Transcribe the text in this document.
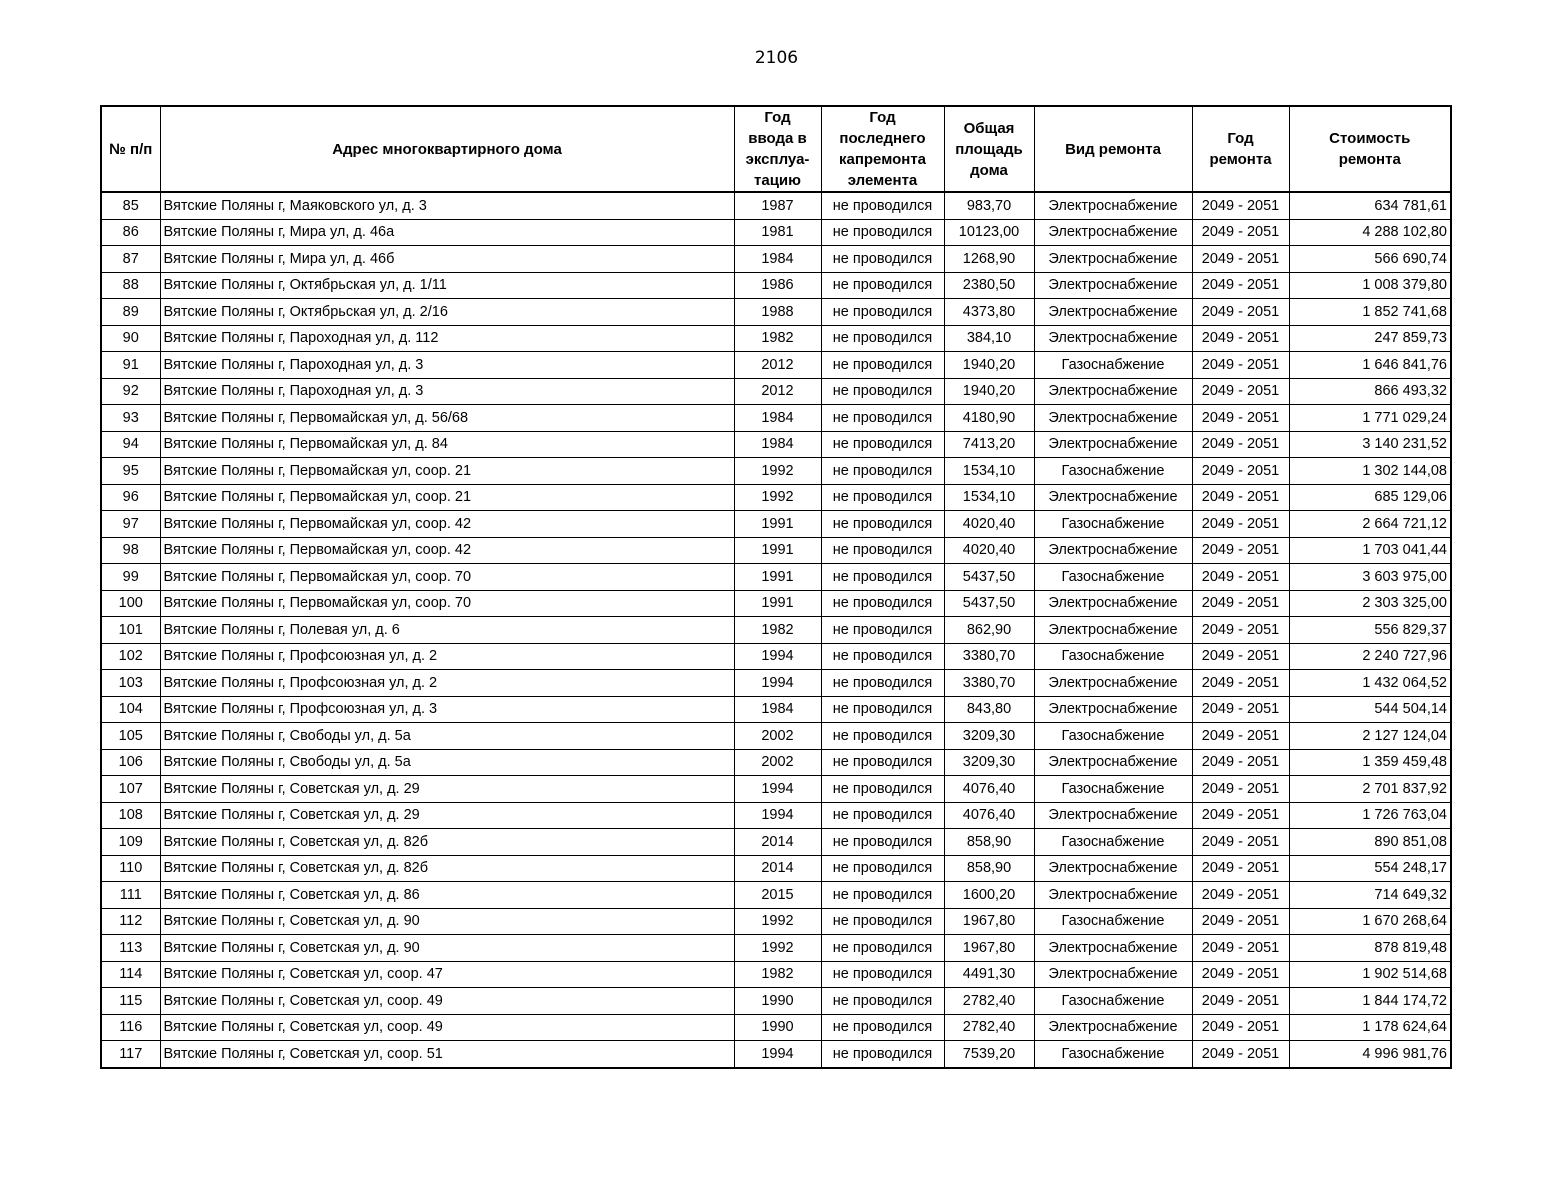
2106
№ п/п	Адрес многоквартирного дома	Год
ввода в
эксплуа-
тацию	Год
последнего
капремонта
элемента	Общая
площадь
дома	Вид ремонта	Год
ремонта	Стоимость
ремонта
85	Вятские Поляны г, Маяковского ул, д. 3	1987	не проводился	983,70	Электроснабжение	2049 - 2051	634 781,61
86	Вятские Поляны г, Мира ул, д. 46а	1981	не проводился	10123,00	Электроснабжение	2049 - 2051	4 288 102,80
87	Вятские Поляны г, Мира ул, д. 46б	1984	не проводился	1268,90	Электроснабжение	2049 - 2051	566 690,74
88	Вятские Поляны г, Октябрьская ул, д. 1/11	1986	не проводился	2380,50	Электроснабжение	2049 - 2051	1 008 379,80
89	Вятские Поляны г, Октябрьская ул, д. 2/16	1988	не проводился	4373,80	Электроснабжение	2049 - 2051	1 852 741,68
90	Вятские Поляны г, Пароходная ул, д. 112	1982	не проводился	384,10	Электроснабжение	2049 - 2051	247 859,73
91	Вятские Поляны г, Пароходная ул, д. 3	2012	не проводился	1940,20	Газоснабжение	2049 - 2051	1 646 841,76
92	Вятские Поляны г, Пароходная ул, д. 3	2012	не проводился	1940,20	Электроснабжение	2049 - 2051	866 493,32
93	Вятские Поляны г, Первомайская ул, д. 56/68	1984	не проводился	4180,90	Электроснабжение	2049 - 2051	1 771 029,24
94	Вятские Поляны г, Первомайская ул, д. 84	1984	не проводился	7413,20	Электроснабжение	2049 - 2051	3 140 231,52
95	Вятские Поляны г, Первомайская ул, соор. 21	1992	не проводился	1534,10	Газоснабжение	2049 - 2051	1 302 144,08
96	Вятские Поляны г, Первомайская ул, соор. 21	1992	не проводился	1534,10	Электроснабжение	2049 - 2051	685 129,06
97	Вятские Поляны г, Первомайская ул, соор. 42	1991	не проводился	4020,40	Газоснабжение	2049 - 2051	2 664 721,12
98	Вятские Поляны г, Первомайская ул, соор. 42	1991	не проводился	4020,40	Электроснабжение	2049 - 2051	1 703 041,44
99	Вятские Поляны г, Первомайская ул, соор. 70	1991	не проводился	5437,50	Газоснабжение	2049 - 2051	3 603 975,00
100	Вятские Поляны г, Первомайская ул, соор. 70	1991	не проводился	5437,50	Электроснабжение	2049 - 2051	2 303 325,00
101	Вятские Поляны г, Полевая ул, д. 6	1982	не проводился	862,90	Электроснабжение	2049 - 2051	556 829,37
102	Вятские Поляны г, Профсоюзная ул, д. 2	1994	не проводился	3380,70	Газоснабжение	2049 - 2051	2 240 727,96
103	Вятские Поляны г, Профсоюзная ул, д. 2	1994	не проводился	3380,70	Электроснабжение	2049 - 2051	1 432 064,52
104	Вятские Поляны г, Профсоюзная ул, д. 3	1984	не проводился	843,80	Электроснабжение	2049 - 2051	544 504,14
105	Вятские Поляны г, Свободы ул, д. 5а	2002	не проводился	3209,30	Газоснабжение	2049 - 2051	2 127 124,04
106	Вятские Поляны г, Свободы ул, д. 5а	2002	не проводился	3209,30	Электроснабжение	2049 - 2051	1 359 459,48
107	Вятские Поляны г, Советская ул, д. 29	1994	не проводился	4076,40	Газоснабжение	2049 - 2051	2 701 837,92
108	Вятские Поляны г, Советская ул, д. 29	1994	не проводился	4076,40	Электроснабжение	2049 - 2051	1 726 763,04
109	Вятские Поляны г, Советская ул, д. 82б	2014	не проводился	858,90	Газоснабжение	2049 - 2051	890 851,08
110	Вятские Поляны г, Советская ул, д. 82б	2014	не проводился	858,90	Электроснабжение	2049 - 2051	554 248,17
111	Вятские Поляны г, Советская ул, д. 86	2015	не проводился	1600,20	Электроснабжение	2049 - 2051	714 649,32
112	Вятские Поляны г, Советская ул, д. 90	1992	не проводился	1967,80	Газоснабжение	2049 - 2051	1 670 268,64
113	Вятские Поляны г, Советская ул, д. 90	1992	не проводился	1967,80	Электроснабжение	2049 - 2051	878 819,48
114	Вятские Поляны г, Советская ул, соор. 47	1982	не проводился	4491,30	Электроснабжение	2049 - 2051	1 902 514,68
115	Вятские Поляны г, Советская ул, соор. 49	1990	не проводился	2782,40	Газоснабжение	2049 - 2051	1 844 174,72
116	Вятские Поляны г, Советская ул, соор. 49	1990	не проводился	2782,40	Электроснабжение	2049 - 2051	1 178 624,64
117	Вятские Поляны г, Советская ул, соор. 51	1994	не проводился	7539,20	Газоснабжение	2049 - 2051	4 996 981,76
